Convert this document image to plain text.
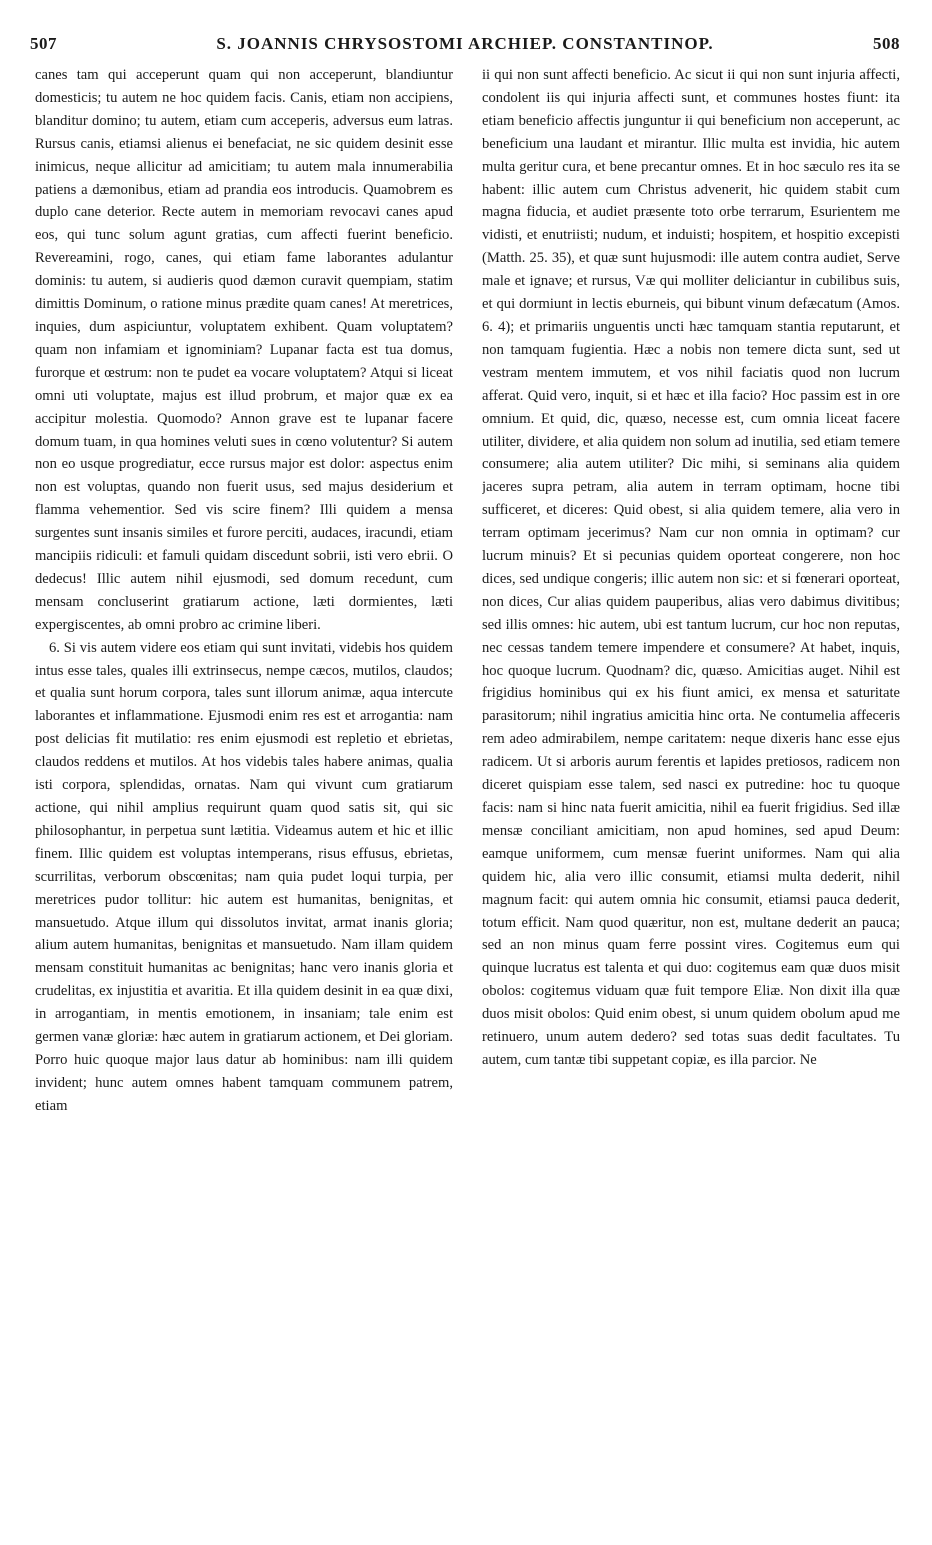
507	S. JOANNIS CHRYSOSTOMI ARCHIEP. CONSTANTINOP.	508

canes tam qui acceperunt quam qui non acceperunt, blandiuntur domesticis; tu autem ne hoc quidem facis. Canis, etiam non accipiens, blanditur domino; tu autem, etiam cum acceperis, adversus eum latras. Rursus canis, etiamsi alienus ei benefaciat, ne sic quidem desinit esse inimicus, neque allicitur ad amicitiam; tu autem mala innumerabilia patiens a dæmonibus, etiam ad prandia eos introducis. Quamobrem es duplo cane deterior. Recte autem in memoriam revocavi canes apud eos, qui tunc solum agunt gratias, cum affecti fuerint beneficio. Revereamini, rogo, canes, qui etiam fame laborantes adulantur dominis: tu autem, si audieris quod dæmon curavit quempiam, statim dimittis Dominum, o ratione minus prædite quam canes! At meretrices, inquies, dum aspiciuntur, voluptatem exhibent. Quam voluptatem? quam non infamiam et ignominiam? Lupanar facta est tua domus, furorque et œstrum: non te pudet ea vocare voluptatem? Atqui si liceat omni uti voluptate, majus est illud probrum, et major quæ ex ea accipitur molestia. Quomodo? Annon grave est te lupanar facere domum tuam, in qua homines veluti sues in cœno volutentur? Si autem non eo usque progrediatur, ecce rursus major est dolor: aspectus enim non est voluptas, quando non fuerit usus, sed majus desiderium et flamma vehementior. Sed vis scire finem? Illi quidem a mensa surgentes sunt insanis similes et furore perciti, audaces, iracundi, etiam mancipiis ridiculi: et famuli quidam discedunt sobrii, isti vero ebrii. O dedecus! Illic autem nihil ejusmodi, sed domum recedunt, cum mensam concluserint gratiarum actione, læti dormientes, læti expergiscentes, ab omni probro ac crimine liberi.

6. Si vis autem videre eos etiam qui sunt invitati, videbis hos quidem intus esse tales, quales illi extrinsecus, nempe cæcos, mutilos, claudos; et qualia sunt horum corpora, tales sunt illorum animæ, aqua intercute laborantes et inflammatione. Ejusmodi enim res est et arrogantia: nam post delicias fit mutilatio: res enim ejusmodi est repletio et ebrietas, claudos reddens et mutilos. At hos videbis tales habere animas, qualia isti corpora, splendidas, ornatas. Nam qui vivunt cum gratiarum actione, qui nihil amplius requirunt quam quod satis sit, qui sic philosophantur, in perpetua sunt lætitia. Videamus autem et hic et illic finem. Illic quidem est voluptas intemperans, risus effusus, ebrietas, scurrilitas, verborum obscœnitas; nam quia pudet loqui turpia, per meretrices pudor tollitur: hic autem est humanitas, benignitas, et mansuetudo. Atque illum qui dissolutos invitat, armat inanis gloria; alium autem humanitas, benignitas et mansuetudo. Nam illam quidem mensam constituit humanitas ac benignitas; hanc vero inanis gloria et crudelitas, ex injustitia et avaritia. Et illa quidem desinit in ea quæ dixi, in arrogantiam, in mentis emotionem, in insaniam; tale enim est germen vanæ gloriæ: hæc autem in gratiarum actionem, et Dei gloriam. Porro huic quoque major laus datur ab hominibus: nam illi quidem invident; hunc autem omnes habent tamquam communem patrem, etiam

ii qui non sunt affecti beneficio. Ac sicut ii qui non sunt injuria affecti, condolent iis qui injuria affecti sunt, et communes hostes fiunt: ita etiam beneficio affectis junguntur ii qui beneficium non acceperunt, ac beneficium una laudant et mirantur. Illic multa est invidia, hic autem multa geritur cura, et bene precantur omnes. Et in hoc sæculo res ita se habent: illic autem cum Christus advenerit, hic quidem stabit cum magna fiducia, et audiet præsente toto orbe terrarum, Esurientem me vidisti, et enutriisti; nudum, et induisti; hospitem, et hospitio excepisti (Matth. 25. 35), et quæ sunt hujusmodi: ille autem contra audiet, Serve male et ignave; et rursus, Væ qui molliter deliciantur in cubilibus suis, et qui dormiunt in lectis eburneis, qui bibunt vinum defæcatum (Amos. 6. 4); et primariis unguentis uncti hæc tamquam stantia reputarunt, et non tamquam fugientia. Hæc a nobis non temere dicta sunt, sed ut vestram mentem immutem, et vos nihil faciatis quod non lucrum afferat. Quid vero, inquit, si et hæc et illa facio? Hoc passim est in ore omnium. Et quid, dic, quæso, necesse est, cum omnia liceat facere utiliter, dividere, et alia quidem non solum ad inutilia, sed etiam temere consumere; alia autem utiliter? Dic mihi, si seminans alia quidem jaceres supra petram, alia autem in terram optimam, hocne tibi sufficeret, et diceres: Quid obest, si alia quidem temere, alia vero in terram optimam jecerimus? Nam cur non omnia in optimam? cur lucrum minuis? Et si pecunias quidem oporteat congerere, non hoc dices, sed undique congeris; illic autem non sic: et si fœnerari oporteat, non dices, Cur alias quidem pauperibus, alias vero dabimus divitibus; sed illis omnes: hic autem, ubi est tantum lucrum, cur hoc non reputas, nec cessas tandem temere impendere et consumere? At habet, inquis, hoc quoque lucrum. Quodnam? dic, quæso. Amicitias auget. Nihil est frigidius hominibus qui ex his fiunt amici, ex mensa et saturitate parasitorum; nihil ingratius amicitia hinc orta. Ne contumelia affeceris rem adeo admirabilem, nempe caritatem: neque dixeris hanc esse ejus radicem. Ut si arboris aurum ferentis et lapides pretiosos, radicem non diceret quispiam esse talem, sed nasci ex putredine: hoc tu quoque facis: nam si hinc nata fuerit amicitia, nihil ea fuerit frigidius. Sed illæ mensæ conciliant amicitiam, non apud homines, sed apud Deum: eamque uniformem, cum mensæ fuerint uniformes. Nam qui alia quidem hic, alia vero illic consumit, etiamsi multa dederit, nihil magnum facit: qui autem omnia hic consumit, etiamsi pauca dederit, totum efficit. Nam quod quæritur, non est, multane dederit an pauca; sed an non minus quam ferre possint vires. Cogitemus eum qui quinque lucratus est talenta et qui duo: cogitemus eam quæ duos misit obolos: cogitemus viduam quæ fuit tempore Eliæ. Non dixit illa quæ duos misit obolos: Quid enim obest, si unum quidem obolum apud me retinuero, unum autem dedero? sed totas suas dedit facultates. Tu autem, cum tantæ tibi suppetant copiæ, es illa parcior. Ne
